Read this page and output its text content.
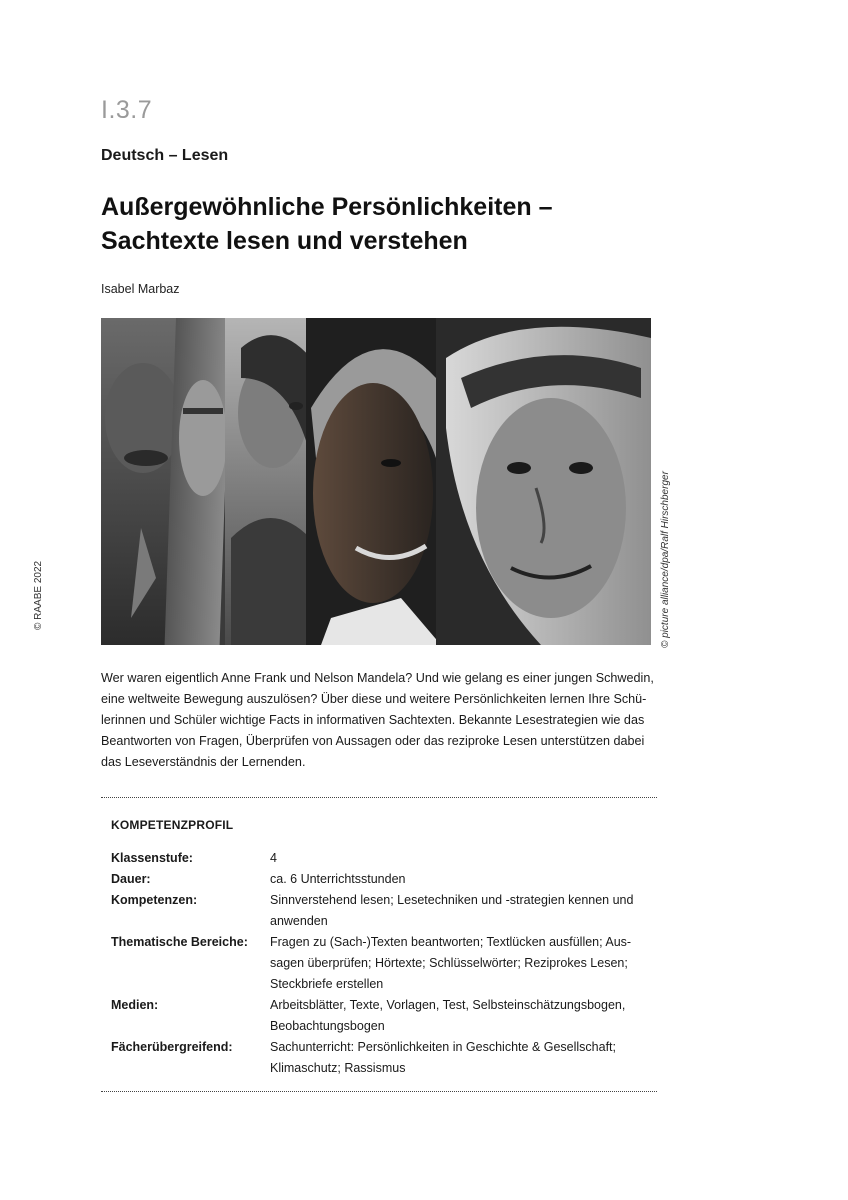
I.3.7
Deutsch – Lesen
Außergewöhnliche Persönlichkeiten –
Sachtexte lesen und verstehen
Isabel Marbaz
© RAABE 2022	© picture alliance/dpa/Ralf Hirschberger
Wer waren eigentlich Anne Frank und Nelson Mandela? Und wie gelang es einer jungen Schwedin,
eine weltweite Bewegung auszulösen? Über diese und weitere Persönlichkeiten lernen Ihre Schü-
lerinnen und Schüler wichtige Facts in informativen Sachtexten. Bekannte Lesestrategien wie das
Beantworten von Fragen, Überprüfen von Aussagen oder das reziproke Lesen unterstützen dabei
das Leseverständnis der Lernenden.
KOMPETENZPROFIL
Klassenstufe:	4
Dauer:	ca. 6 Unterrichtsstunden
Kompetenzen:	Sinnverstehend lesen; Lesetechniken und -strategien kennen und
anwenden
Thematische Bereiche:	Fragen zu (Sach-)Texten beantworten; Textlücken ausfüllen; Aus-
sagen überprüfen; Hörtexte; Schlüsselwörter; Reziprokes Lesen;
Steckbriefe erstellen
Medien:	Arbeitsblätter, Texte, Vorlagen, Test, Selbsteinschätzungsbogen,
Beobachtungsbogen
Fächerübergreifend:	Sachunterricht: Persönlichkeiten in Geschichte & Gesellschaft;
Klimaschutz; Rassismus
